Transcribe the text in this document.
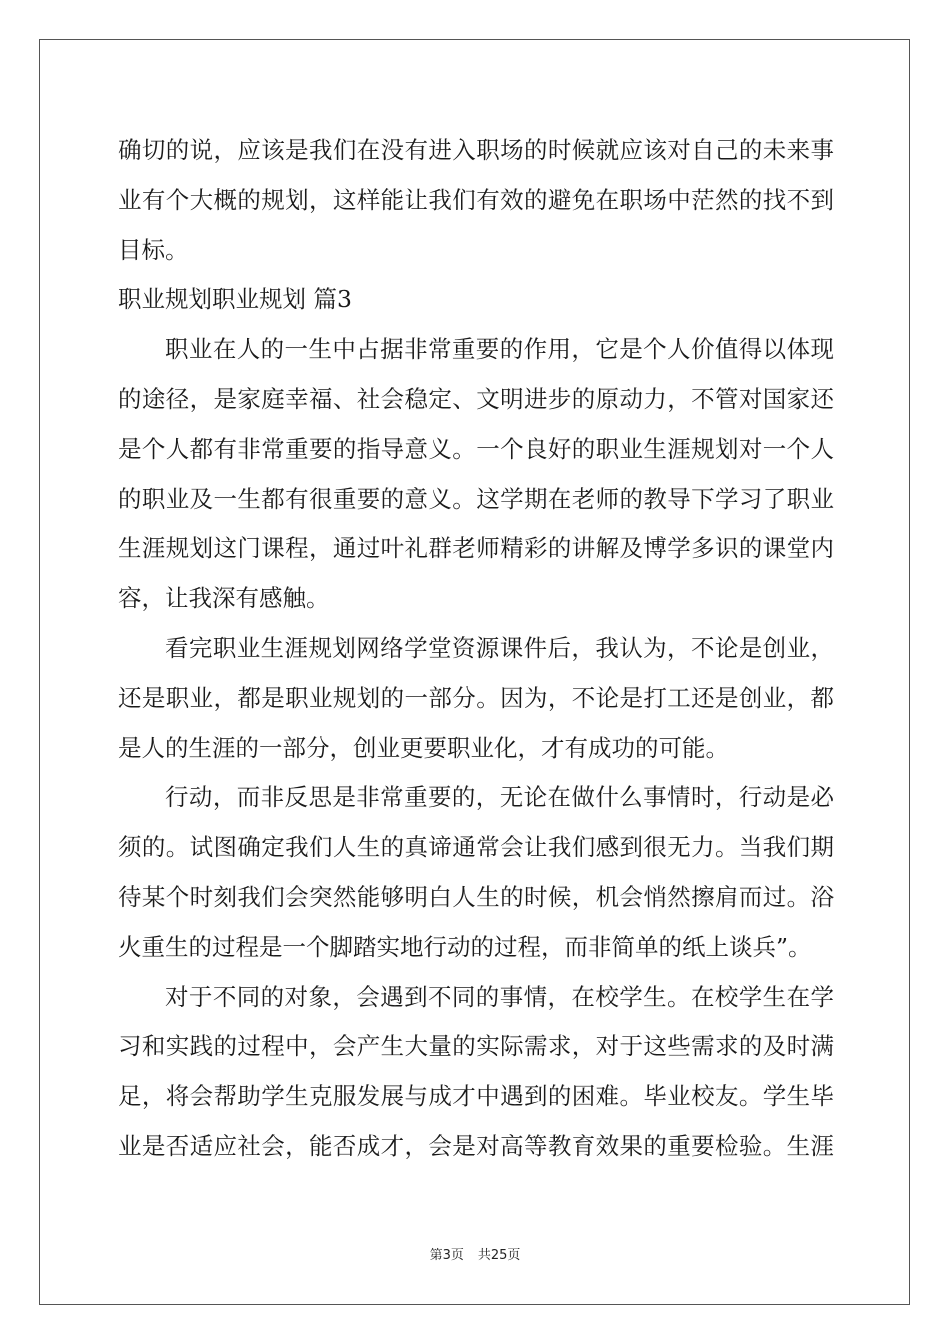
确切的说，应该是我们在没有进入职场的时候就应该对自己的未来事
业有个大概的规划，这样能让我们有效的避免在职场中茫然的找不到
目标。
职业规划职业规划 篇3
职业在人的一生中占据非常重要的作用，它是个人价值得以体现
的途径，是家庭幸福、社会稳定、文明进步的原动力，不管对国家还
是个人都有非常重要的指导意义。一个良好的职业生涯规划对一个人
的职业及一生都有很重要的意义。这学期在老师的教导下学习了职业
生涯规划这门课程，通过叶礼群老师精彩的讲解及博学多识的课堂内
容，让我深有感触。
看完职业生涯规划网络学堂资源课件后，我认为，不论是创业，
还是职业，都是职业规划的一部分。因为，不论是打工还是创业，都
是人的生涯的一部分，创业更要职业化，才有成功的可能。
行动，而非反思是非常重要的，无论在做什么事情时，行动是必
须的。试图确定我们人生的真谛通常会让我们感到很无力。当我们期
待某个时刻我们会突然能够明白人生的时候，机会悄然擦肩而过。浴
火重生的过程是一个脚踏实地行动的过程，而非简单的纸上谈兵”。
对于不同的对象，会遇到不同的事情，在校学生。在校学生在学
习和实践的过程中，会产生大量的实际需求，对于这些需求的及时满
足，将会帮助学生克服发展与成才中遇到的困难。毕业校友。学生毕
业是否适应社会，能否成才，会是对高等教育效果的重要检验。生涯
第3页 共25页
